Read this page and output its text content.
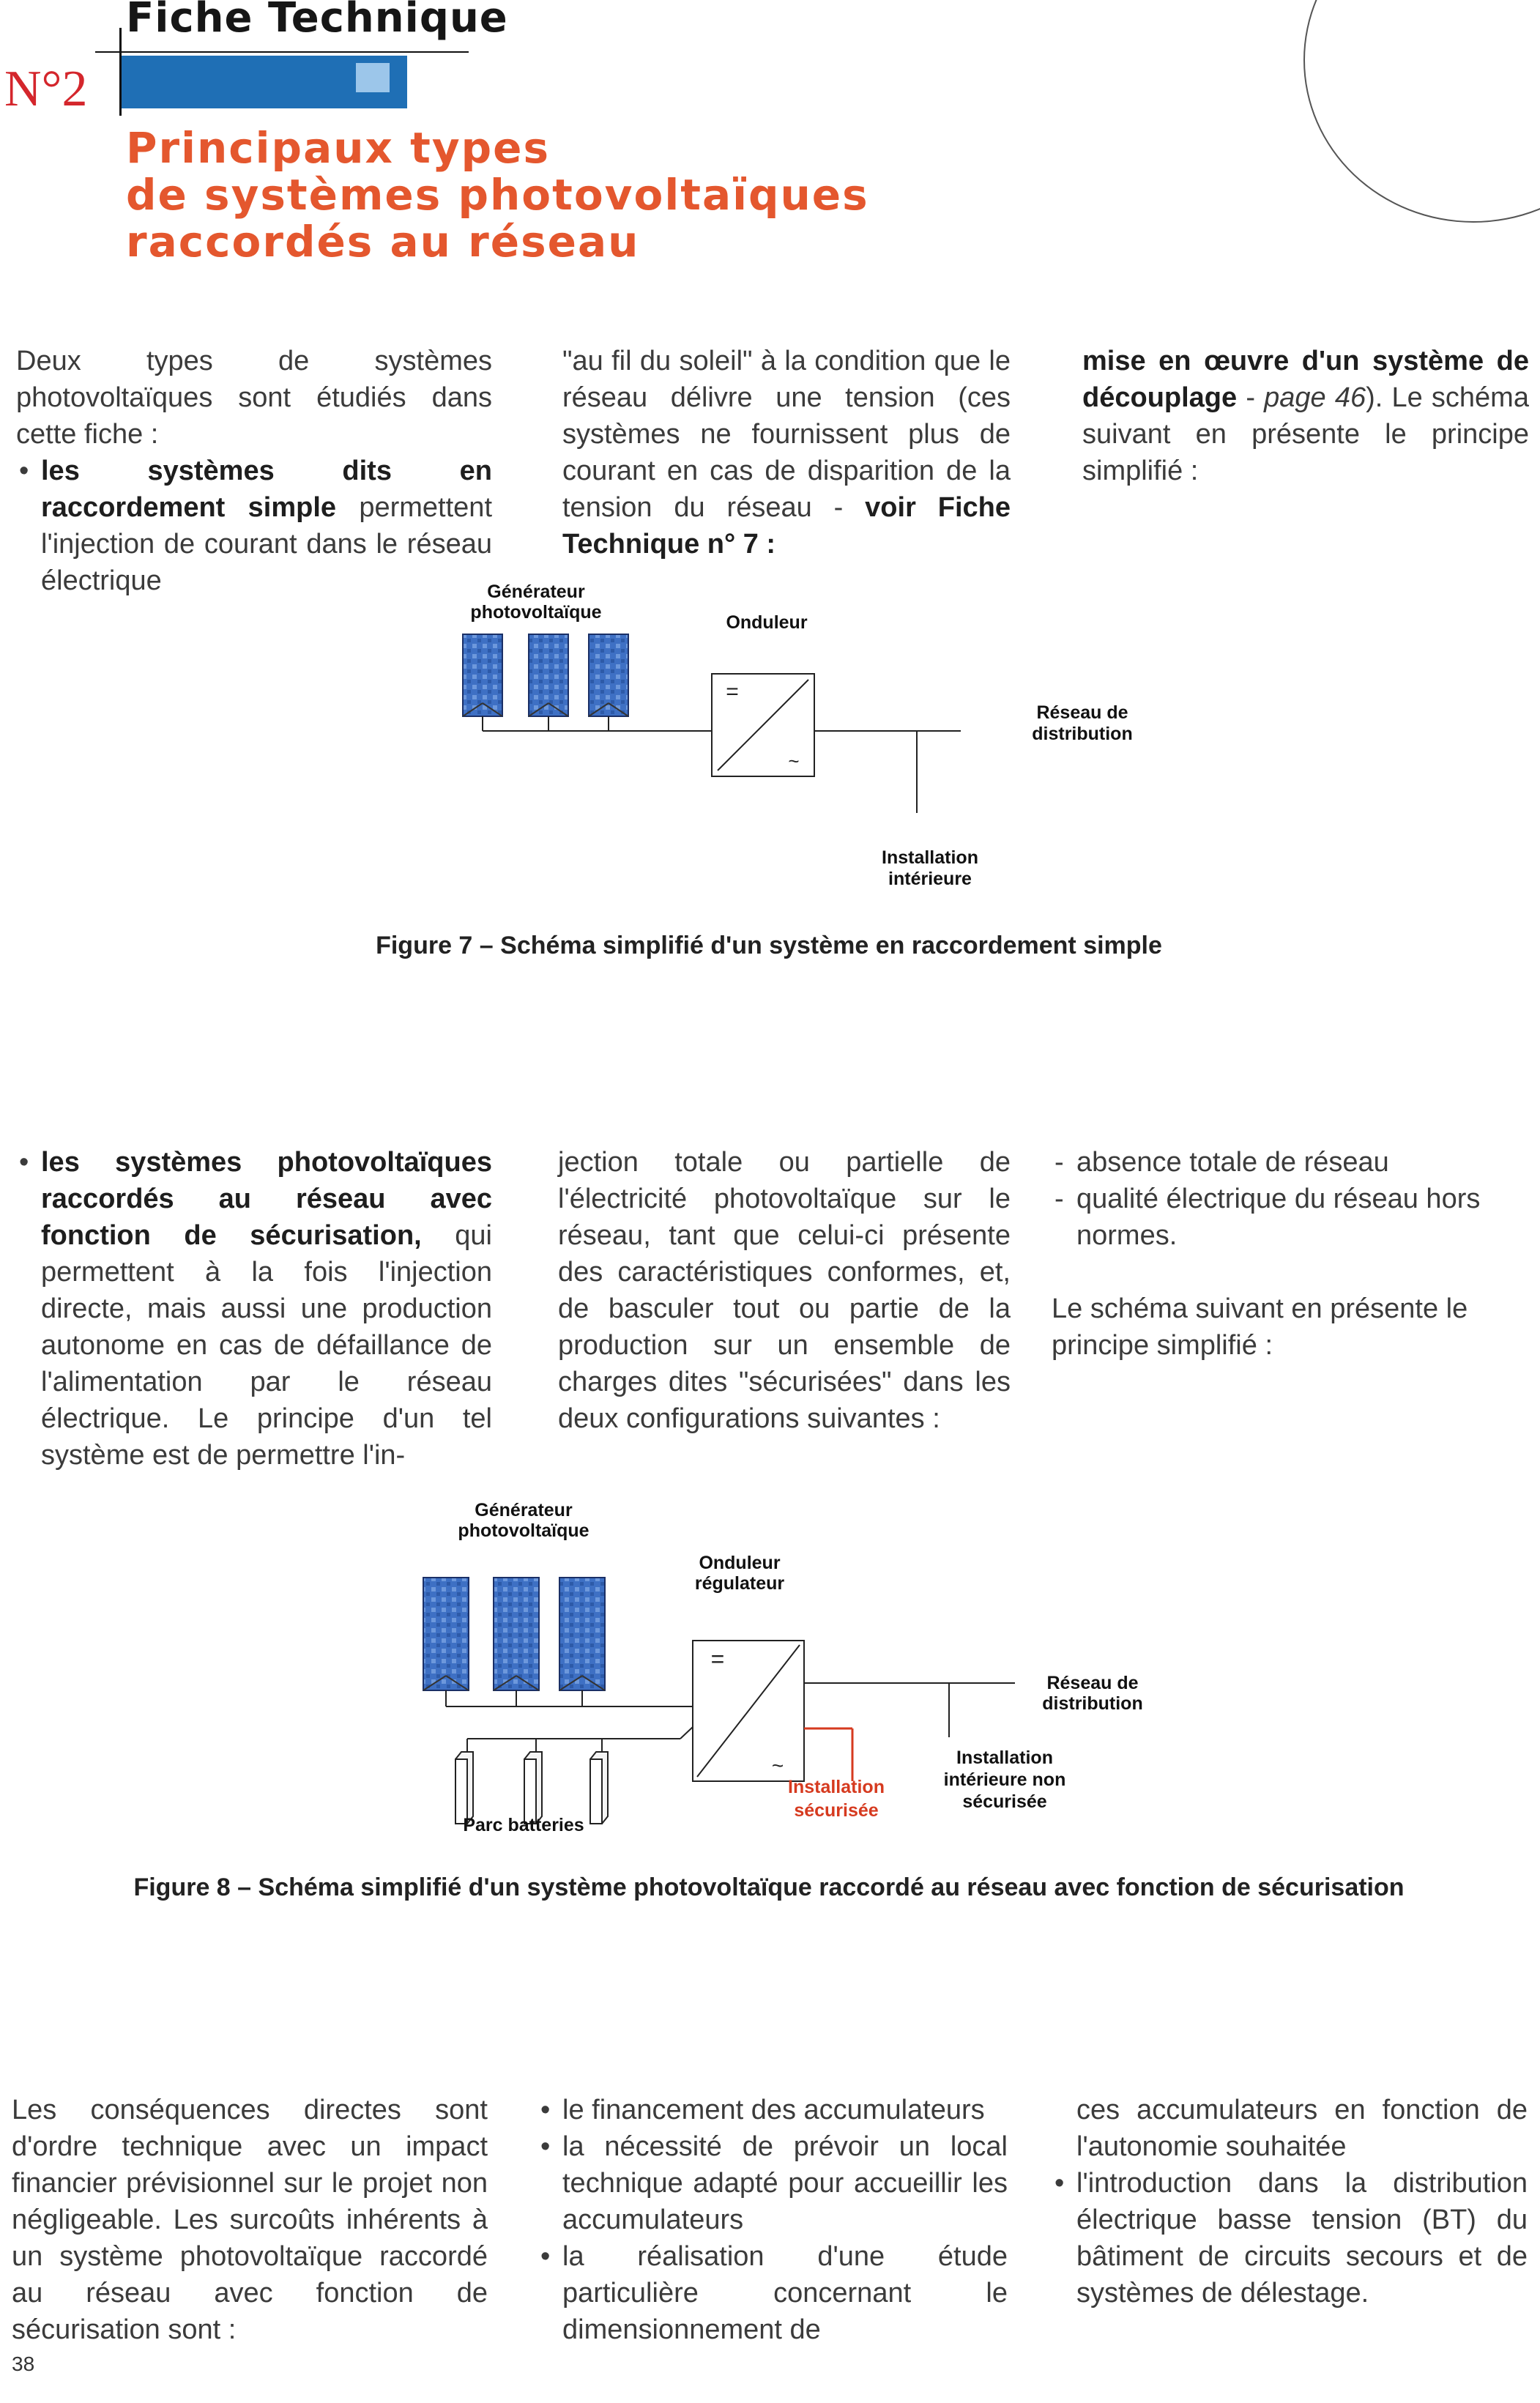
Fiche Technique
N°2
Principaux types
de systèmes photovoltaïques
raccordés au réseau

Deux types de systèmes photovoltaïques sont étudiés dans cette fiche :

• les systèmes dits en raccordement simple permettent l'injection de courant dans le réseau électrique

"au fil du soleil" à la condition que le réseau délivre une tension (ces systèmes ne fournissent plus de courant en cas de disparition de la tension du réseau - voir Fiche Technique n° 7 :

mise en œuvre d'un système de découplage - page 46). Le schéma suivant en présente le principe simplifié :

Générateur
photovoltaïque	Onduleur
=
~
Réseau de
distribution
Installation
intérieure
Figure 7 – Schéma simplifié d'un système en raccordement simple
• les systèmes photovoltaïques raccordés au réseau avec fonction de sécurisation, qui permettent à la fois l'injection directe, mais aussi une production autonome en cas de défaillance de l'alimentation par le réseau électrique. Le principe d'un tel système est de permettre l'in-

jection totale ou partielle de l'électricité photovoltaïque sur le réseau, tant que celui-ci présente des caractéristiques conformes, et, de basculer tout ou partie de la production sur un ensemble de charges dites "sécurisées" dans les deux configurations suivantes :

- absence totale de réseau
- qualité électrique du réseau hors normes.

Le schéma suivant en présente le principe simplifié :

Générateur
photovoltaïque
Onduleur
régulateur
=
~
Parc batteries
Réseau de
distribution
Installation
sécurisée
Installation
intérieure non
sécurisée
Figure 8 – Schéma simplifié d'un système photovoltaïque raccordé au réseau avec fonction de sécurisation

Les conséquences directes sont d'ordre technique avec un impact financier prévisionnel sur le projet non négligeable. Les surcoûts inhérents à un système photovoltaïque raccordé au réseau avec fonction de sécurisation sont :

• le financement des accumulateurs
• la nécessité de prévoir un local technique adapté pour accueillir les accumulateurs
• la réalisation d'une étude particulière concernant le dimensionnement de

ces accumulateurs en fonction de l'autonomie souhaitée

• l'introduction dans la distribution électrique basse tension (BT) du bâtiment de circuits secours et de systèmes de délestage.
38
